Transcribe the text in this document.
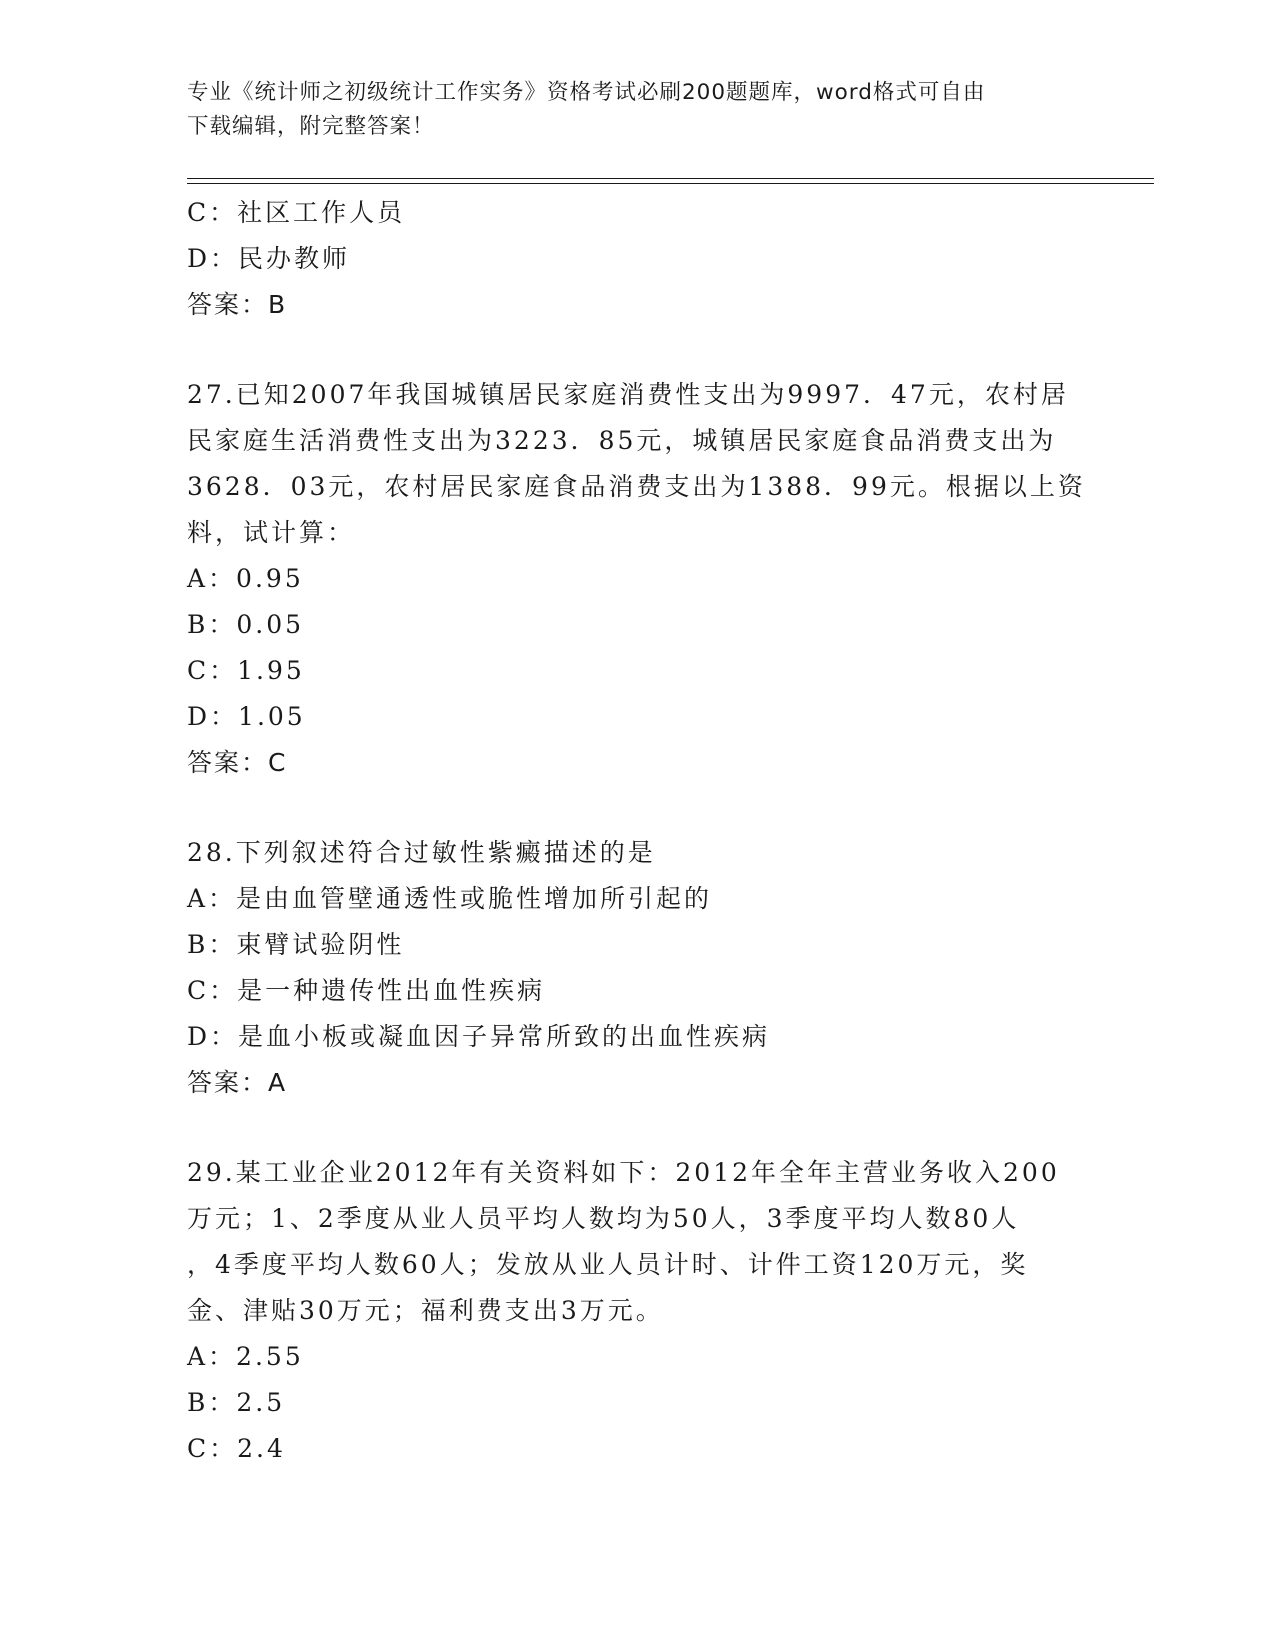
专业《统计师之初级统计工作实务》资格考试必刷200题题库，word格式可自由
下载编辑，附完整答案！
C：社区工作人员
D：民办教师
答案：B
27.已知2007年我国城镇居民家庭消费性支出为9997．47元，农村居
民家庭生活消费性支出为3223．85元，城镇居民家庭食品消费支出为
3628．03元，农村居民家庭食品消费支出为1388．99元。根据以上资
料，试计算：
A：0.95
B：0.05
C：1.95
D：1.05
答案：C
28.下列叙述符合过敏性紫癜描述的是
A：是由血管壁通透性或脆性增加所引起的
B：束臂试验阴性
C：是一种遗传性出血性疾病
D：是血小板或凝血因子异常所致的出血性疾病
答案：A
29.某工业企业2012年有关资料如下：2012年全年主营业务收入200
万元；1、2季度从业人员平均人数均为50人，3季度平均人数80人
，4季度平均人数60人；发放从业人员计时、计件工资120万元，奖
金、津贴30万元；福利费支出3万元。
A：2.55
B：2.5
C：2.4
